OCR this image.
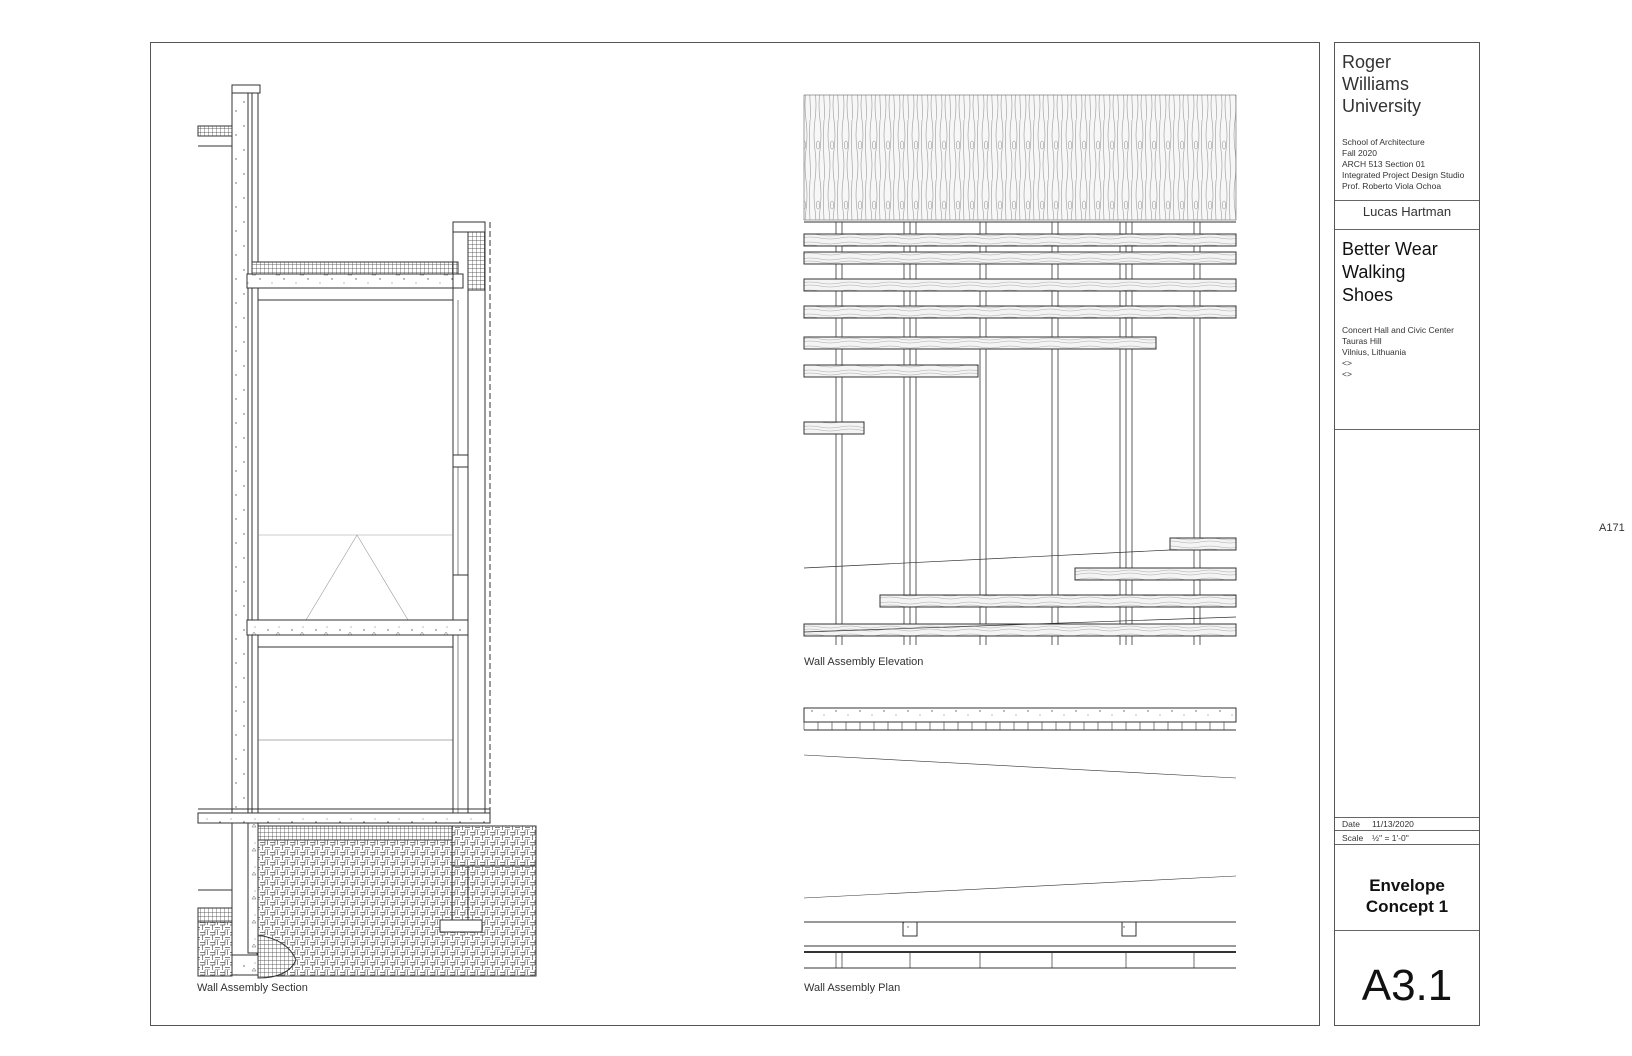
Wall Assembly Section
Wall Assembly Elevation
Wall Assembly Plan
Roger
Williams
University
School of Architecture
Fall 2020
ARCH 513 Section 01
Integrated Project Design Studio
Prof. Roberto Viola Ochoa
Lucas Hartman
Better Wear
Walking
Shoes
Concert Hall and Civic Center
Tauras Hill
Vilnius, Lithuania
<>
<>
Date 11/13/2020
Scale ½" = 1'-0"
Envelope
Concept 1
A3.1
A171
